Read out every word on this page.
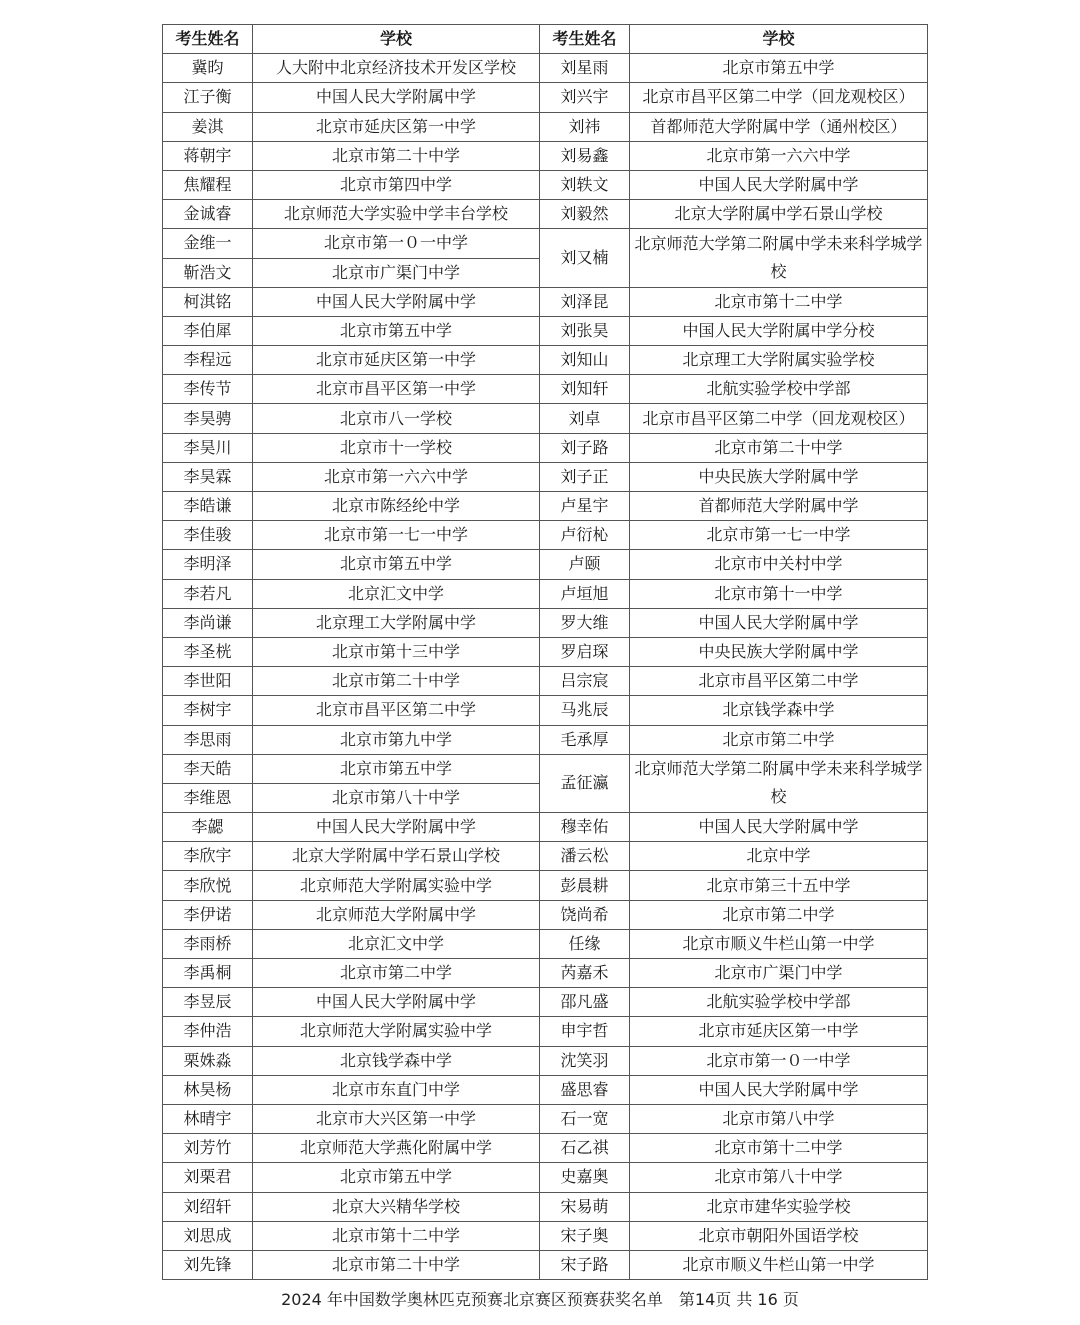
考生姓名	学校	考生姓名	学校
冀昀	人大附中北京经济技术开发区学校	刘星雨	北京市第五中学
江子衡	中国人民大学附属中学	刘兴宇	北京市昌平区第二中学（回龙观校区）
姜淇	北京市延庆区第一中学	刘祎	首都师范大学附属中学（通州校区）
蒋朝宇	北京市第二十中学	刘易鑫	北京市第一六六中学
焦耀程	北京市第四中学	刘轶文	中国人民大学附属中学
金诚睿	北京师范大学实验中学丰台学校	刘毅然	北京大学附属中学石景山学校
金维一	北京市第一０一中学	刘又楠	北京师范大学第二附属中学未来科学城学校
靳浩文	北京市广渠门中学		
柯淇铭	中国人民大学附属中学	刘泽昆	北京市第十二中学
李伯犀	北京市第五中学	刘张昊	中国人民大学附属中学分校
李程远	北京市延庆区第一中学	刘知山	北京理工大学附属实验学校
李传节	北京市昌平区第一中学	刘知轩	北航实验学校中学部
李昊骋	北京市八一学校	刘卓	北京市昌平区第二中学（回龙观校区）
李昊川	北京市十一学校	刘子路	北京市第二十中学
李昊霖	北京市第一六六中学	刘子正	中央民族大学附属中学
李皓谦	北京市陈经纶中学	卢星宇	首都师范大学附属中学
李佳骏	北京市第一七一中学	卢衍杺	北京市第一七一中学
李明泽	北京市第五中学	卢颐	北京市中关村中学
李若凡	北京汇文中学	卢垣旭	北京市第十一中学
李尚谦	北京理工大学附属中学	罗大维	中国人民大学附属中学
李圣桄	北京市第十三中学	罗启琛	中央民族大学附属中学
李世阳	北京市第二十中学	吕宗宸	北京市昌平区第二中学
李树宇	北京市昌平区第二中学	马兆辰	北京钱学森中学
李思雨	北京市第九中学	毛承厚	北京市第二中学
李天皓	北京市第五中学	孟征瀛	北京师范大学第二附属中学未来科学城学校
李维恩	北京市第八十中学		
李勰	中国人民大学附属中学	穆幸佑	中国人民大学附属中学
李欣宇	北京大学附属中学石景山学校	潘云松	北京中学
李欣悦	北京师范大学附属实验中学	彭晨耕	北京市第三十五中学
李伊诺	北京师范大学附属中学	饶尚希	北京市第二中学
李雨桥	北京汇文中学	任缘	北京市顺义牛栏山第一中学
李禹桐	北京市第二中学	芮嘉禾	北京市广渠门中学
李昱辰	中国人民大学附属中学	邵凡盛	北航实验学校中学部
李仲浩	北京师范大学附属实验中学	申宇哲	北京市延庆区第一中学
栗姝淼	北京钱学森中学	沈笑羽	北京市第一０一中学
林昊杨	北京市东直门中学	盛思睿	中国人民大学附属中学
林晴宇	北京市大兴区第一中学	石一宽	北京市第八中学
刘芳竹	北京师范大学燕化附属中学	石乙祺	北京市第十二中学
刘栗君	北京市第五中学	史嘉奥	北京市第八十中学
刘绍轩	北京大兴精华学校	宋易萌	北京市建华实验学校
刘思成	北京市第十二中学	宋子奥	北京市朝阳外国语学校
刘先锋	北京市第二十中学	宋子路	北京市顺义牛栏山第一中学
2024 年中国数学奥林匹克预赛北京赛区预赛获奖名单　第14页 共 16 页
